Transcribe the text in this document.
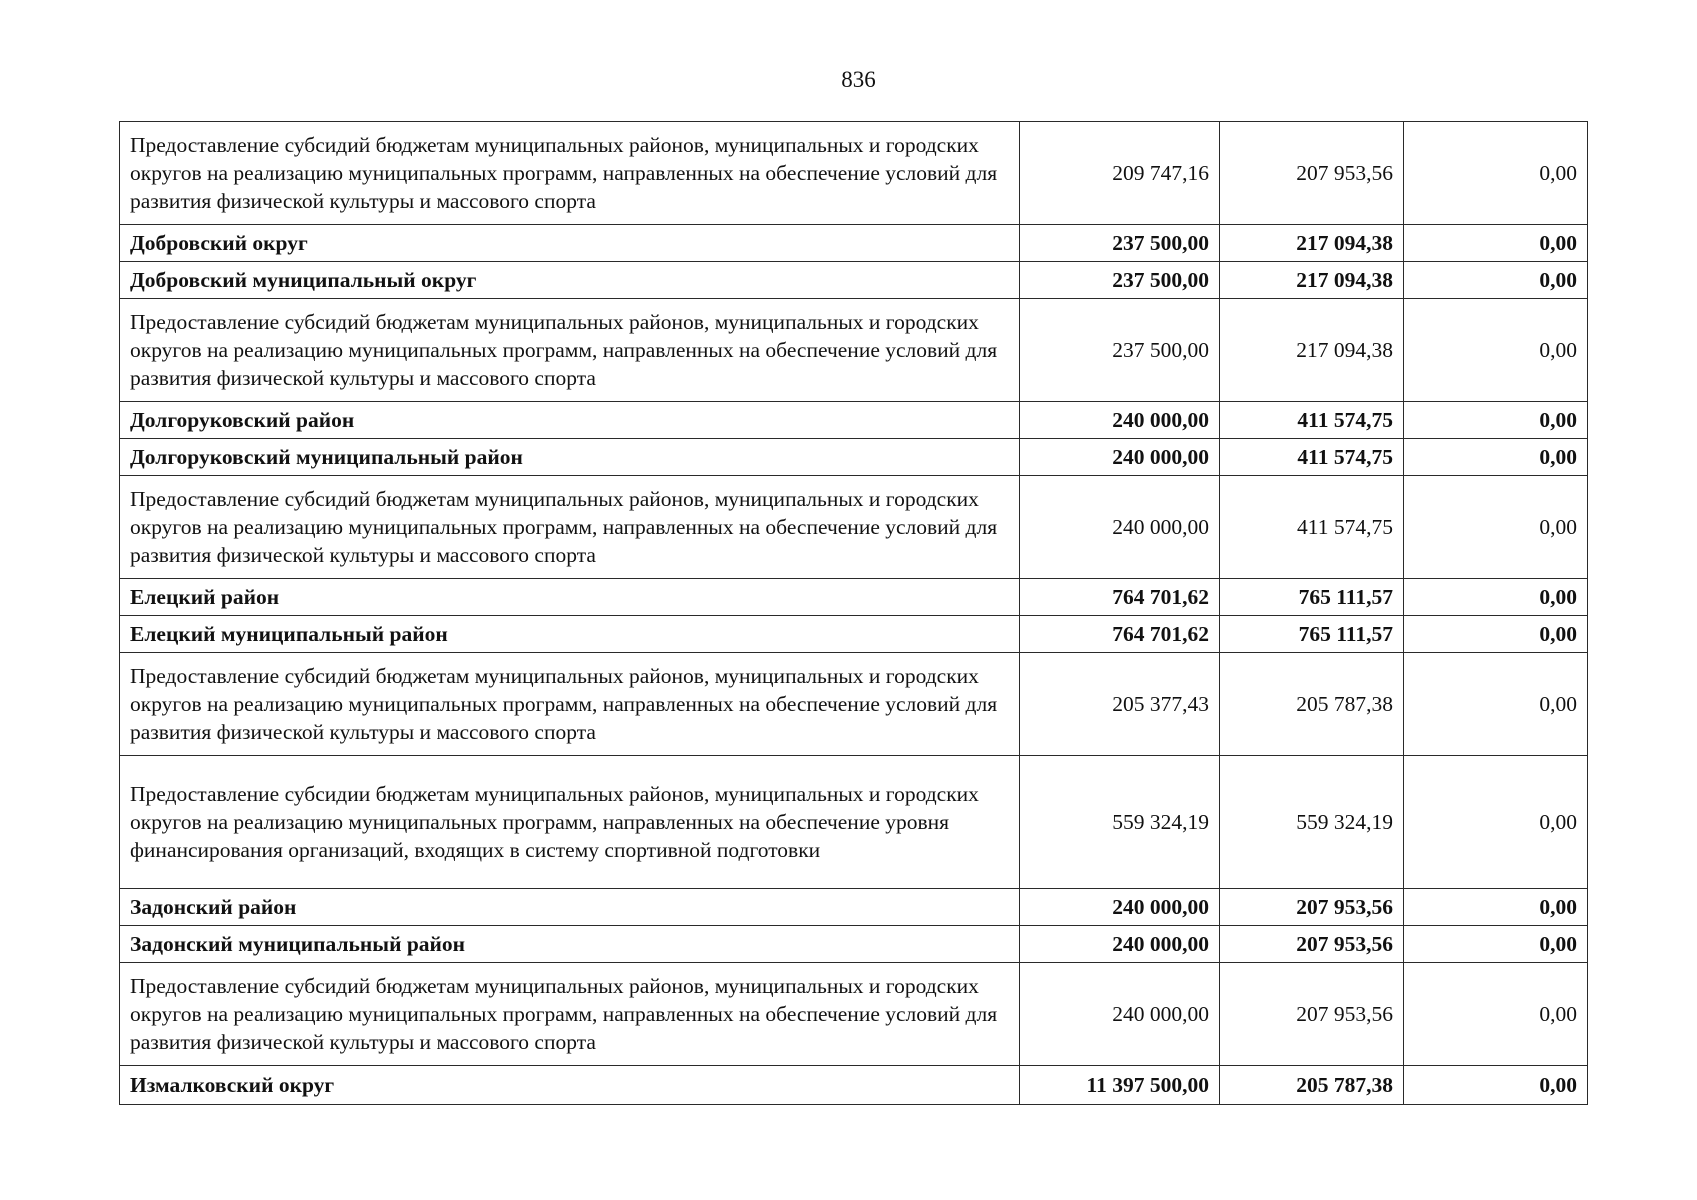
836
Предоставление субсидий бюджетам муниципальных районов, муниципальных и городских округов на реализацию муниципальных программ, направленных на обеспечение условий для развития физической культуры и массового спорта	209 747,16	207 953,56	0,00
Добровский округ	237 500,00	217 094,38	0,00
Добровский муниципальный округ	237 500,00	217 094,38	0,00
Предоставление субсидий бюджетам муниципальных районов, муниципальных и городских округов на реализацию муниципальных программ, направленных на обеспечение условий для развития физической культуры и массового спорта	237 500,00	217 094,38	0,00
Долгоруковский район	240 000,00	411 574,75	0,00
Долгоруковский муниципальный район	240 000,00	411 574,75	0,00
Предоставление субсидий бюджетам муниципальных районов, муниципальных и городских округов на реализацию муниципальных программ, направленных на обеспечение условий для развития физической культуры и массового спорта	240 000,00	411 574,75	0,00
Елецкий район	764 701,62	765 111,57	0,00
Елецкий муниципальный район	764 701,62	765 111,57	0,00
Предоставление субсидий бюджетам муниципальных районов, муниципальных и городских округов на реализацию муниципальных программ, направленных на обеспечение условий для развития физической культуры и массового спорта	205 377,43	205 787,38	0,00
Предоставление субсидии бюджетам муниципальных районов, муниципальных и городских округов на реализацию муниципальных программ, направленных на обеспечение уровня финансирования организаций, входящих в систему спортивной подготовки	559 324,19	559 324,19	0,00
Задонский район	240 000,00	207 953,56	0,00
Задонский муниципальный район	240 000,00	207 953,56	0,00
Предоставление субсидий бюджетам муниципальных районов, муниципальных и городских округов на реализацию муниципальных программ, направленных на обеспечение условий для развития физической культуры и массового спорта	240 000,00	207 953,56	0,00
Измалковский округ	11 397 500,00	205 787,38	0,00
